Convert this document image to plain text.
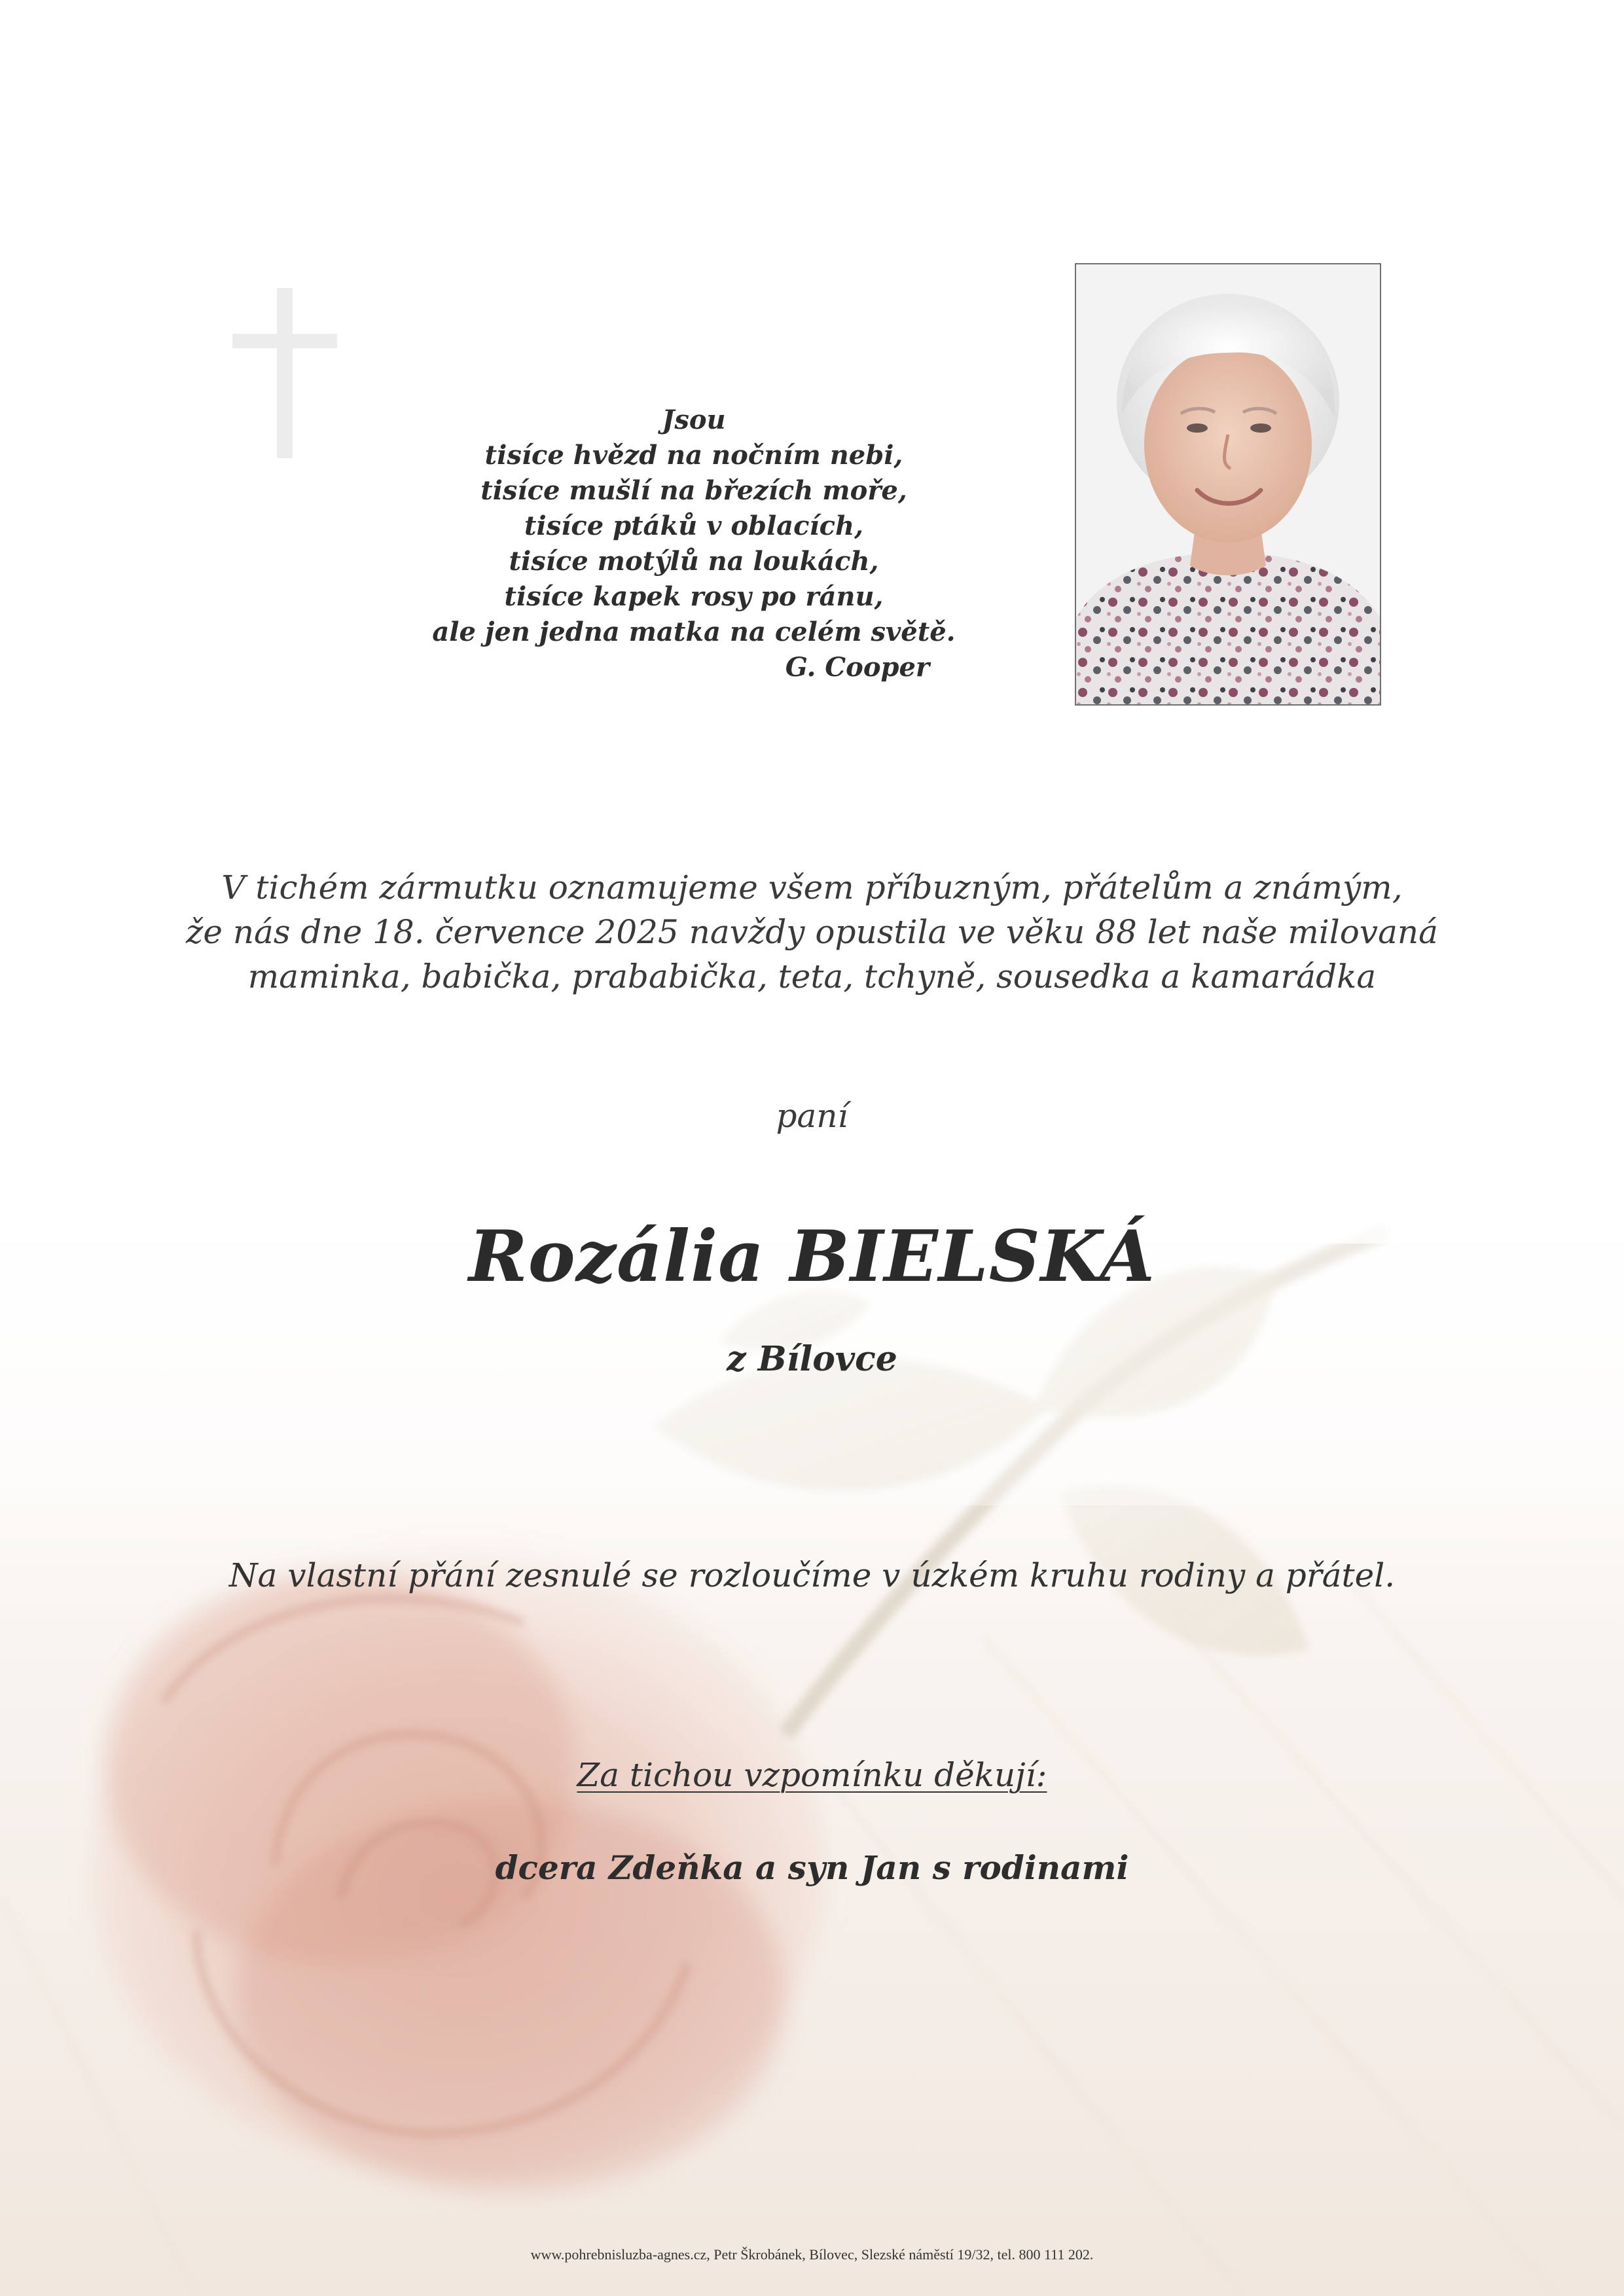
Jsou
tisíce hvězd na nočním nebi,
tisíce mušlí na březích moře,
tisíce ptáků v oblacích,
tisíce motýlů na loukách,
tisíce kapek rosy po ránu,
ale jen jedna matka na celém světě.
G. Cooper
V tichém zármutku oznamujeme všem příbuzným, přátelům a známým,
že nás dne 18. července 2025 navždy opustila ve věku 88 let naše milovaná
maminka, babička, prababička, teta, tchyně, sousedka a kamarádka
paní
Rozália BIELSKÁ
z Bílovce
Na vlastní přání zesnulé se rozloučíme v úzkém kruhu rodiny a přátel.
Za tichou vzpomínku děkují:
dcera Zdeňka a syn Jan s rodinami
www.pohrebnisluzba-agnes.cz, Petr Škrobánek, Bílovec, Slezské náměstí 19/32, tel. 800 111 202.
